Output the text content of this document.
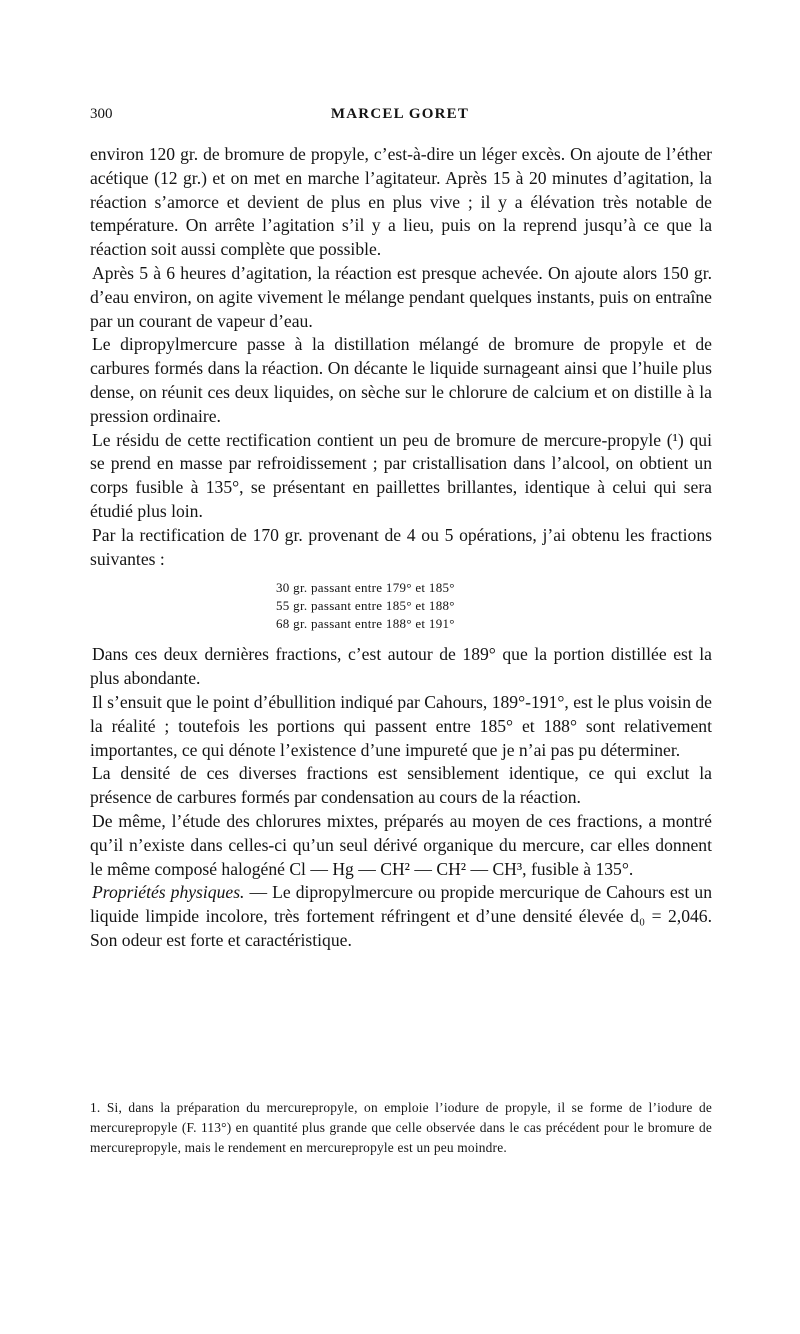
300	MARCEL GORET

environ 120 gr. de bromure de propyle, c’est-à-dire un léger excès. On ajoute de l’éther acétique (12 gr.) et on met en marche l’agitateur. Après 15 à 20 minutes d’agitation, la réaction s’amorce et devient de plus en plus vive ; il y a élévation très notable de température. On arrête l’agitation s’il y a lieu, puis on la reprend jusqu’à ce que la réaction soit aussi complète que possible.

Après 5 à 6 heures d’agitation, la réaction est presque achevée. On ajoute alors 150 gr. d’eau environ, on agite vivement le mélange pendant quelques instants, puis on entraîne par un courant de vapeur d’eau.

Le dipropylmercure passe à la distillation mélangé de bromure de propyle et de carbures formés dans la réaction. On décante le liquide surnageant ainsi que l’huile plus dense, on réunit ces deux liquides, on sèche sur le chlorure de calcium et on distille à la pression ordinaire.

Le résidu de cette rectification contient un peu de bromure de mercure-propyle (¹) qui se prend en masse par refroidissement ; par cristallisation dans l’alcool, on obtient un corps fusible à 135°, se présentant en paillettes brillantes, identique à celui qui sera étudié plus loin.

Par la rectification de 170 gr. provenant de 4 ou 5 opérations, j’ai obtenu les fractions suivantes :

30 gr. passant entre 179° et 185°
55 gr. passant entre 185° et 188°
68 gr. passant entre 188° et 191°

Dans ces deux dernières fractions, c’est autour de 189° que la portion distillée est la plus abondante.

Il s’ensuit que le point d’ébullition indiqué par Cahours, 189°-191°, est le plus voisin de la réalité ; toutefois les portions qui passent entre 185° et 188° sont relativement importantes, ce qui dénote l’existence d’une impureté que je n’ai pas pu déterminer.

La densité de ces diverses fractions est sensiblement identique, ce qui exclut la présence de carbures formés par condensation au cours de la réaction.

De même, l’étude des chlorures mixtes, préparés au moyen de ces fractions, a montré qu’il n’existe dans celles-ci qu’un seul dérivé organique du mercure, car elles donnent le même composé halogéné Cl — Hg — CH² — CH² — CH³, fusible à 135°.

Propriétés physiques. — Le dipropylmercure ou propide mercurique de Cahours est un liquide limpide incolore, très fortement réfringent et d’une densité élevée d₀ = 2,046. Son odeur est forte et caractéristique.

1. Si, dans la préparation du mercurepropyle, on emploie l’iodure de propyle, il se forme de l’iodure de mercurepropyle (F. 113°) en quantité plus grande que celle observée dans le cas précédent pour le bromure de mercurepropyle, mais le rendement en mercurepropyle est un peu moindre.
